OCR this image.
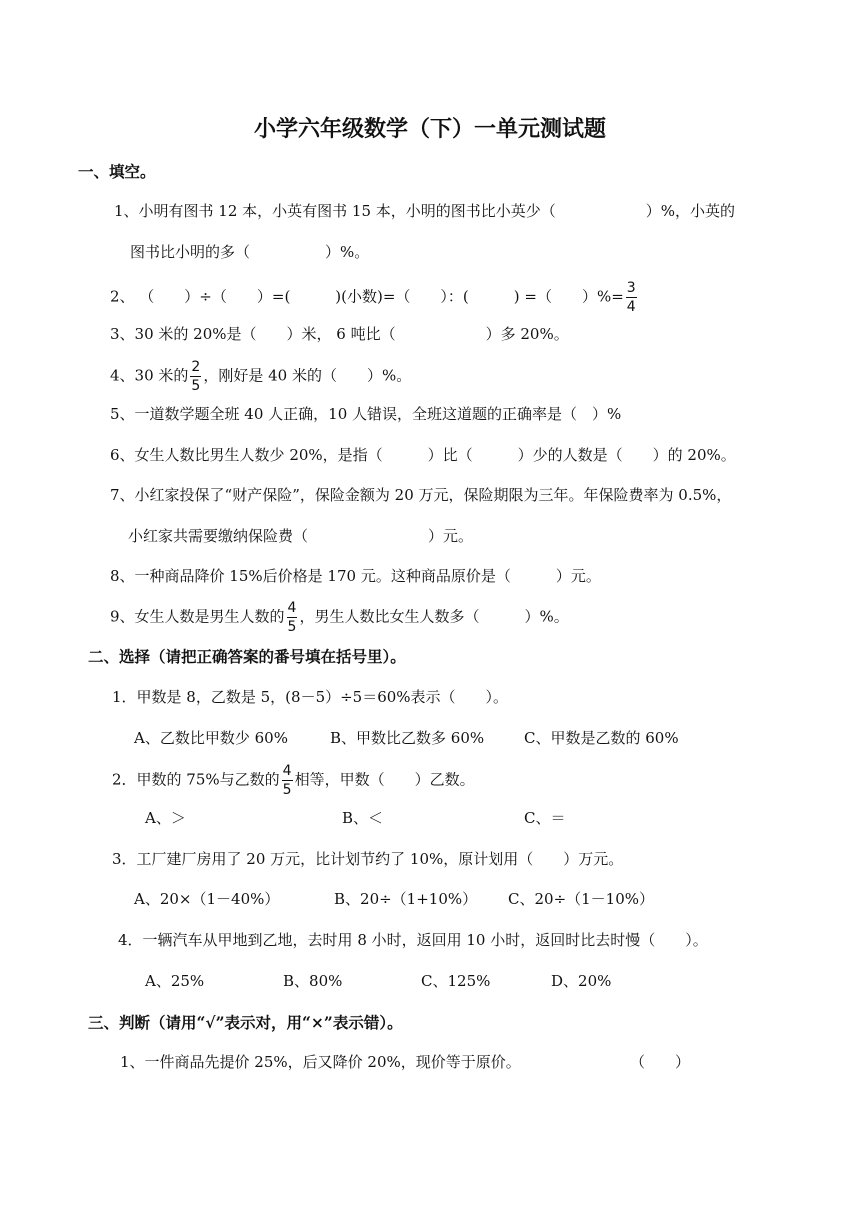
小学六年级数学（下）一单元测试题
一、填空。
1、小明有图书 12 本，小英有图书 15 本，小明的图书比小英少（　　　　　　）%，小英的
图书比小明的多（　　　　　）%。
2、 （　　）÷（　　）=(　　　)(小数)=（　　）：(　　　) =（　　）%= $\frac{3}{4}$
3、30 米的 20%是（　　）米， 6 吨比（　　　　　　）多 20%。
4、30 米的 $\frac{2}{5}$ ，刚好是 40 米的（　　）%。
5、一道数学题全班 40 人正确，10 人错误，全班这道题的正确率是（　）%
6、女生人数比男生人数少 20%，是指（　　　）比（　　　）少的人数是（　　）的 20%。
7、小红家投保了“财产保险”，保险金额为 20 万元，保险期限为三年。年保险费率为 0.5%，
小红家共需要缴纳保险费（　　　　　　　　）元。
8、一种商品降价 15%后价格是 170 元。这种商品原价是（　　　）元。
9、女生人数是男生人数的 $\frac{4}{5}$ ，男生人数比女生人数多（　　　）%。
二、选择（请把正确答案的番号填在括号里）。
1．甲数是 8，乙数是 5，(8－5）÷5＝60%表示（　　）。
A、乙数比甲数少 60%	B、甲数比乙数多 60%	C、甲数是乙数的 60%
2．甲数的 75%与乙数的 $\frac{4}{5}$ 相等，甲数（　　）乙数。
A、＞	B、＜	C、＝
3．工厂建厂房用了 20 万元，比计划节约了 10%，原计划用（　　）万元。
A、20×（1－40%）	B、20÷（1+10%） C、20÷（1－10%）
4．一辆汽车从甲地到乙地，去时用 8 小时，返回用 10 小时，返回时比去时慢（　　）。
A、25%	B、80%	C、125%	D、20%
三、判断（请用“√”表示对，用“×”表示错）。
1、一件商品先提价 25%，后又降价 20%，现价等于原价。	（　　）
